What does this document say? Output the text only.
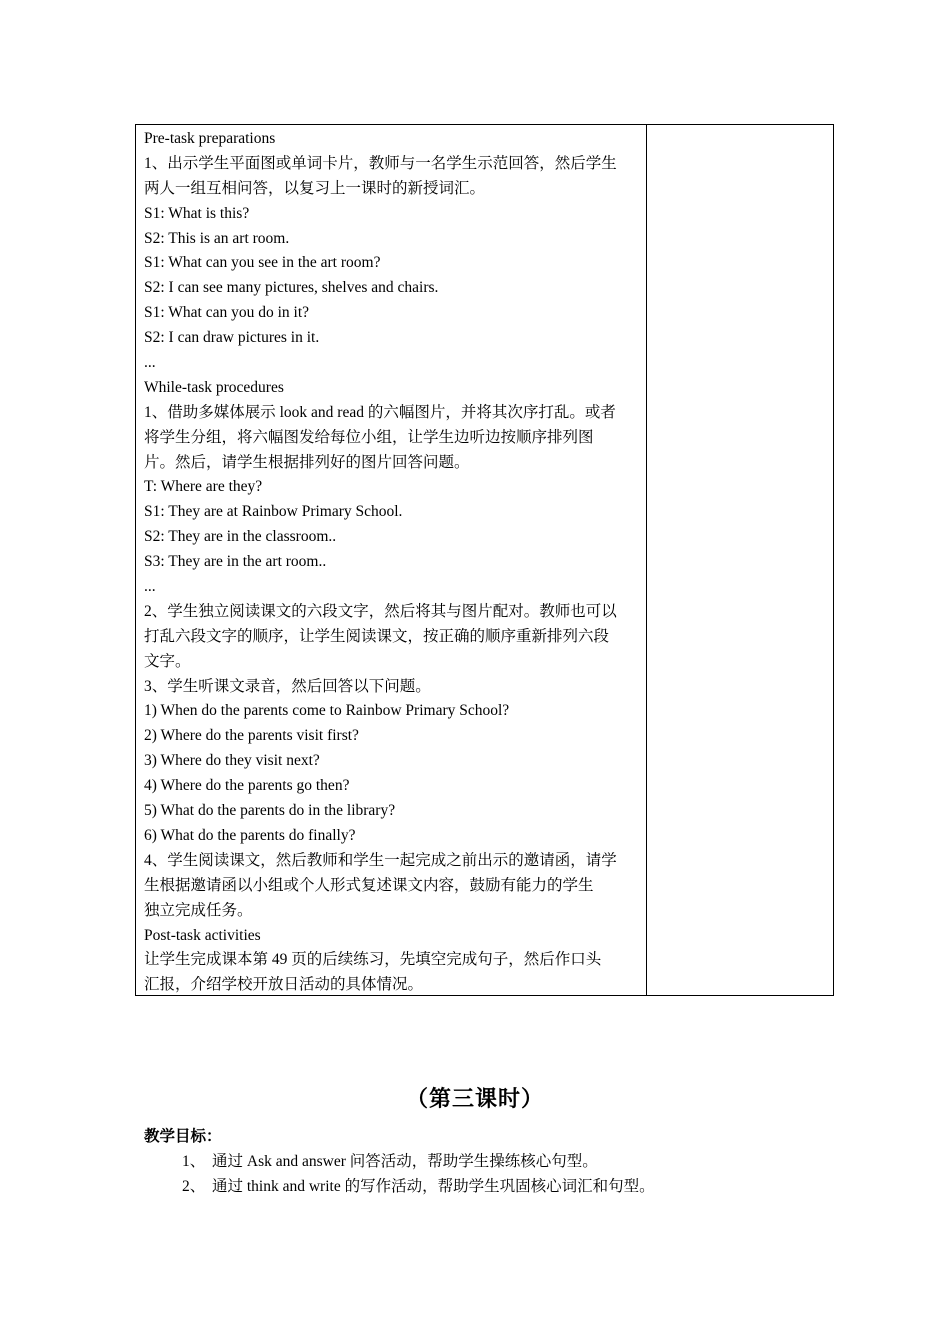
Pre-task preparations
1、出示学生平面图或单词卡片，教师与一名学生示范回答，然后学生
两人一组互相问答，以复习上一课时的新授词汇。
S1: What is this?
S2: This is an art room.
S1: What can you see in the art room?
S2: I can see many pictures, shelves and chairs.
S1: What can you do in it?
S2: I can draw pictures in it.
...
While-task procedures
1、借助多媒体展示 look and read 的六幅图片，并将其次序打乱。或者
将学生分组，将六幅图发给每位小组，让学生边听边按顺序排列图
片。然后，请学生根据排列好的图片回答问题。
T: Where are they?
S1: They are at Rainbow Primary School.
S2: They are in the classroom..
S3: They are in the art room..
...
2、学生独立阅读课文的六段文字，然后将其与图片配对。教师也可以
打乱六段文字的顺序，让学生阅读课文，按正确的顺序重新排列六段
文字。
3、学生听课文录音，然后回答以下问题。
1) When do the parents come to Rainbow Primary School?
2) Where do the parents visit first?
3) Where do they visit next?
4) Where do the parents go then?
5) What do the parents do in the library?
6) What do the parents do finally?
4、学生阅读课文，然后教师和学生一起完成之前出示的邀请函，请学
生根据邀请函以小组或个人形式复述课文内容，鼓励有能力的学生
独立完成任务。
Post-task activities
让学生完成课本第 49 页的后续练习，先填空完成句子，然后作口头
汇报，介绍学校开放日活动的具体情况。
（第三课时）
教学目标：
1、 通过 Ask and answer 问答活动，帮助学生操练核心句型。
2、 通过 think and write 的写作活动，帮助学生巩固核心词汇和句型。
